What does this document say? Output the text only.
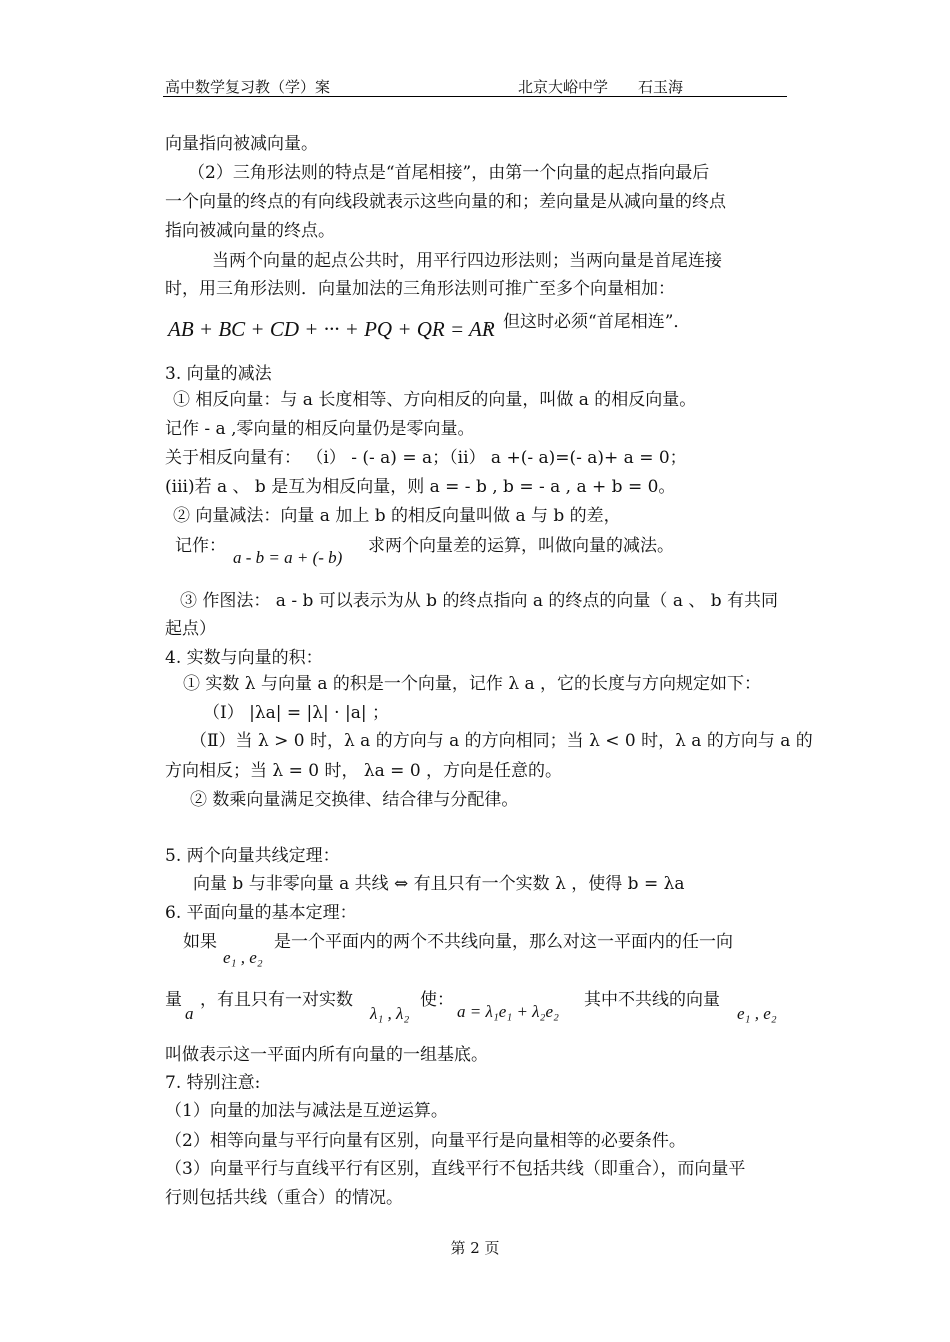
高中数学复习教（学）案	北京大峪中学 石玉海
向量指向被减向量。
（2）三角形法则的特点是“首尾相接”，由第一个向量的起点指向最后
一个向量的终点的有向线段就表示这些向量的和；差向量是从减向量的终点
指向被减向量的终点。
当两个向量的起点公共时，用平行四边形法则；当两向量是首尾连接
时，用三角形法则．向量加法的三角形法则可推广至多个向量相加：
AB + BC + CD + ··· + PQ + QR = AR
，但这时必须“首尾相连”．
3. 向量的减法
① 相反向量：与 a 长度相等、方向相反的向量，叫做 a 的相反向量。
记作 - a ,零向量的相反向量仍是零向量。
关于相反向量有： （i） - (- a) = a；（ii） a +(- a)=(- a)+ a = 0；
(iii)若 a 、 b 是互为相反向量，则 a = - b , b = - a , a + b = 0。
② 向量减法：向量 a 加上 b 的相反向量叫做 a 与 b 的差，
记作：
a - b = a + (- b)
求两个向量差的运算，叫做向量的减法。
③ 作图法： a - b 可以表示为从 b 的终点指向 a 的终点的向量（ a 、 b 有共同
起点）
4. 实数与向量的积：
① 实数 λ 与向量 a 的积是一个向量，记作 λ a ，它的长度与方向规定如下：
（Ⅰ） |λa| = |λ| · |a| ；
（Ⅱ）当 λ > 0 时，λ a 的方向与 a 的方向相同；当 λ < 0 时，λ a 的方向与 a 的
方向相反；当 λ = 0 时， λa = 0 ，方向是任意的。
② 数乘向量满足交换律、结合律与分配律。
5. 两个向量共线定理：
向量 b 与非零向量 a 共线 ⇔ 有且只有一个实数 λ ，使得 b = λa
6. 平面向量的基本定理：
如果
e₁ , e₂
是一个平面内的两个不共线向量，那么对这一平面内的任一向
量
a
，有且只有一对实数
λ₁ , λ₂
使：
a = λ₁e₁ + λ₂e₂
其中不共线的向量
e₁ , e₂
叫做表示这一平面内所有向量的一组基底。
7. 特别注意:
（1）向量的加法与减法是互逆运算。
（2）相等向量与平行向量有区别，向量平行是向量相等的必要条件。
（3）向量平行与直线平行有区别，直线平行不包括共线（即重合），而向量平
行则包括共线（重合）的情况。
第 2 页
